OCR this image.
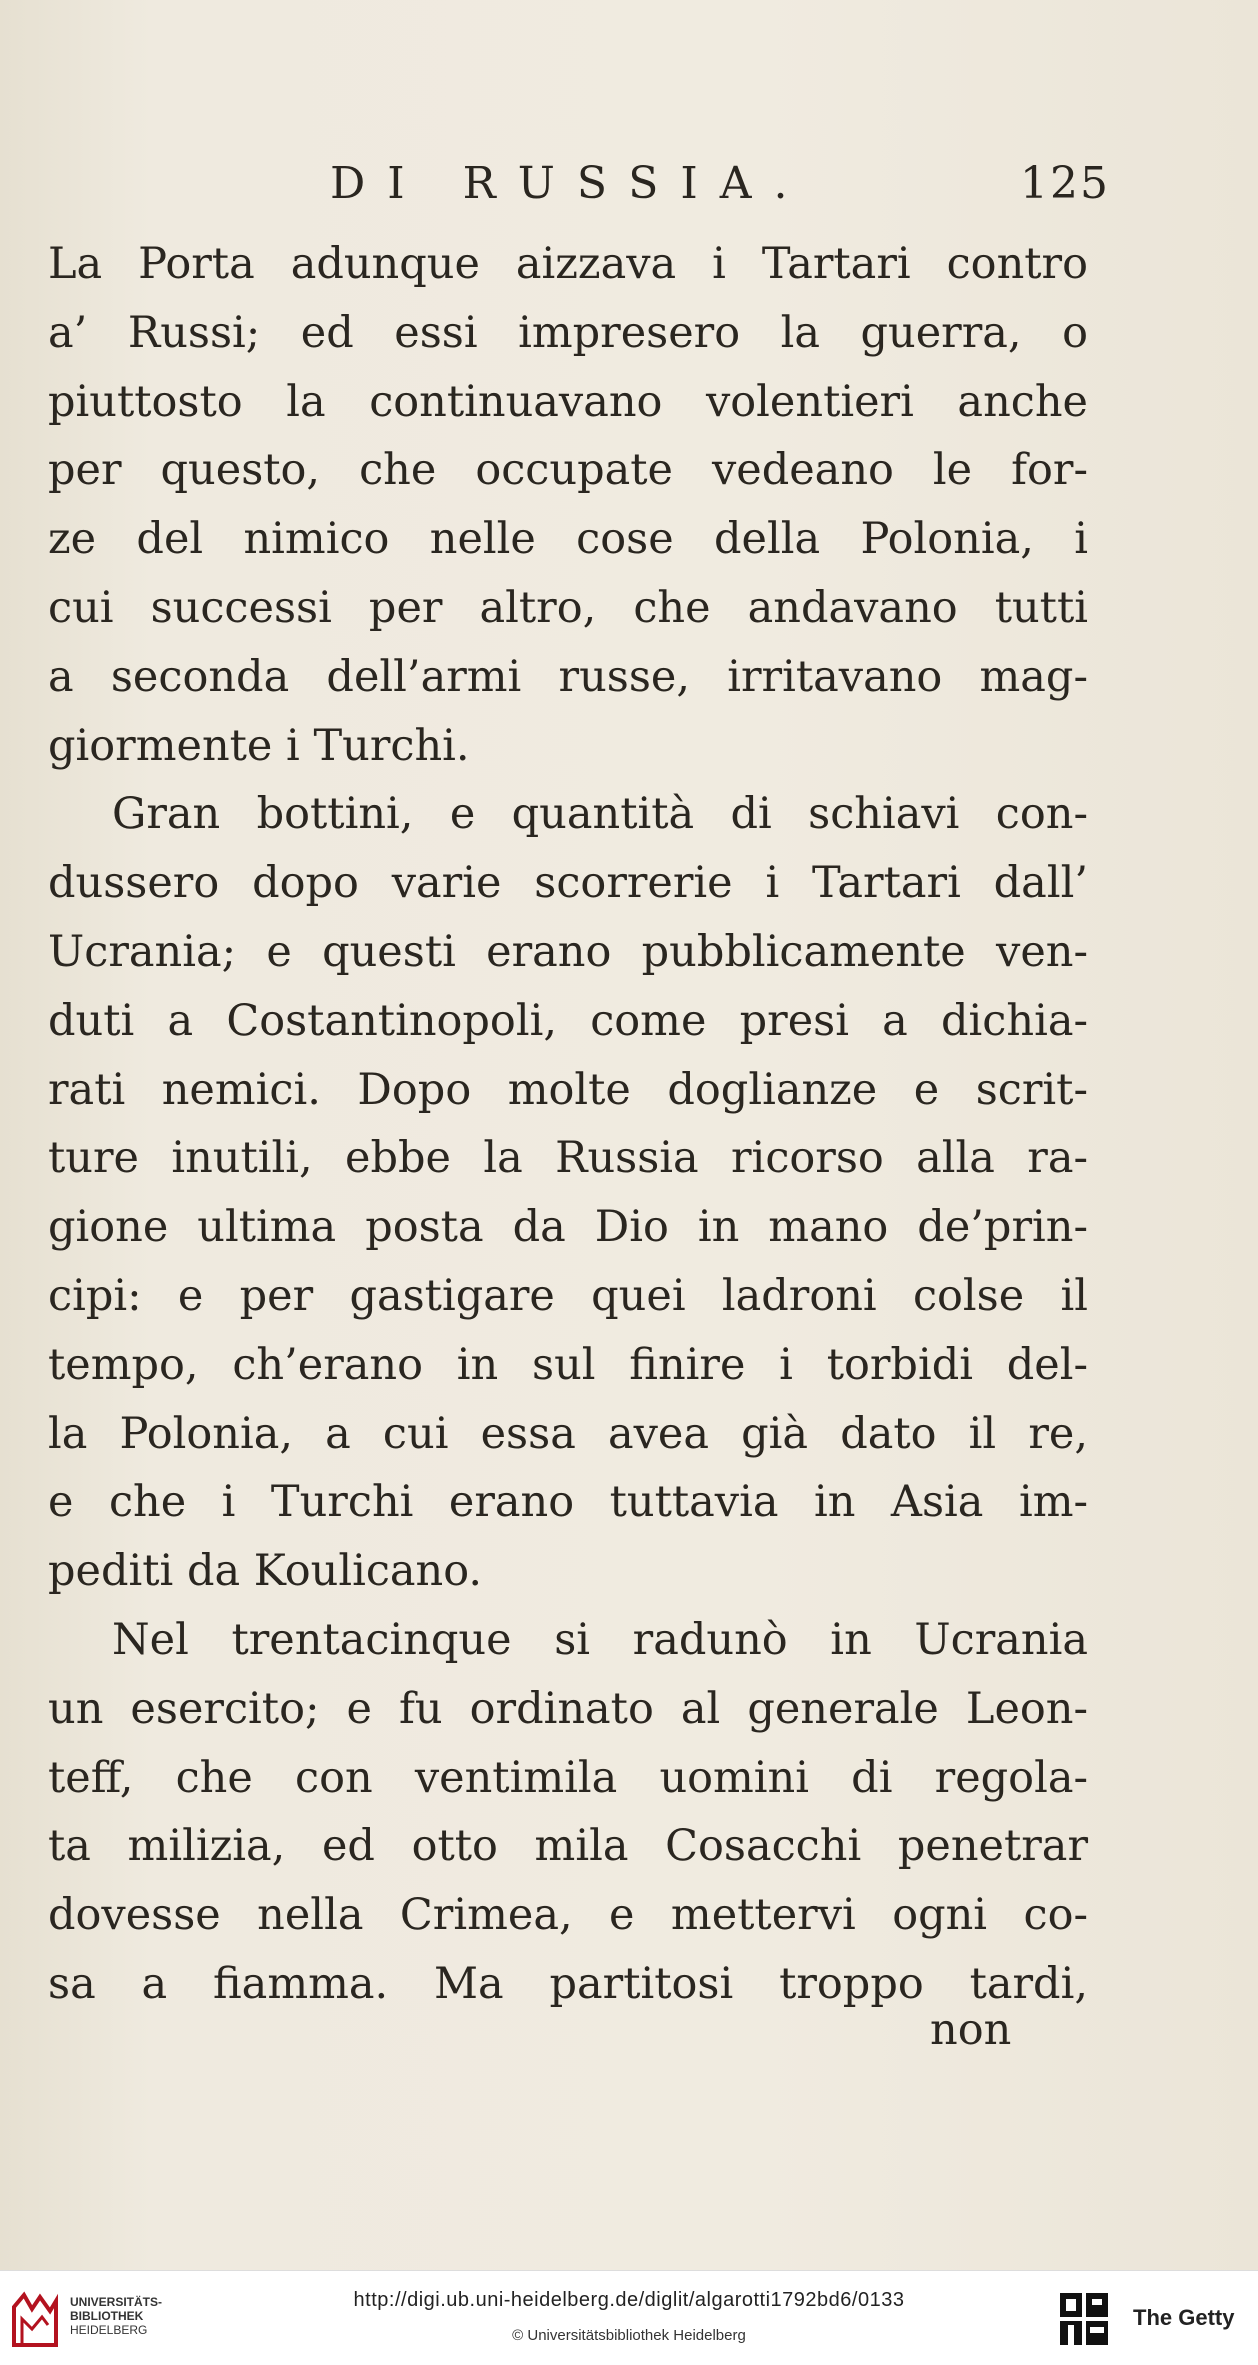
DI RUSSIA.	125
La Porta adunque aizzava i Tartari contro
a’ Russi; ed essi impresero la guerra, o
piuttosto la continuavano volentieri anche
per questo, che occupate vedeano le for-
ze del nimico nelle cose della Polonia, i
cui successi per altro, che andavano tutti
a seconda dell’armi russe, irritavano mag-
giormente i Turchi.
Gran bottini, e quantità di schiavi con-
dussero dopo varie scorrerie i Tartari dall’
Ucrania; e questi erano pubblicamente ven-
duti a Costantinopoli, come presi a dichia-
rati nemici. Dopo molte doglianze e scrit-
ture inutili, ebbe la Russia ricorso alla ra-
gione ultima posta da Dio in mano de’prin-
cipi: e per gastigare quei ladroni colse il
tempo, ch’erano in sul finire i torbidi del-
la Polonia, a cui essa avea già dato il re,
e che i Turchi erano tuttavia in Asia im-
pediti da Koulicano.
Nel trentacinque si radunò in Ucrania
un esercito; e fu ordinato al generale Leon-
teff, che con ventimila uomini di regola-
ta milizia, ed otto mila Cosacchi penetrar
dovesse nella Crimea, e mettervi ogni co-
sa a fiamma. Ma partitosi troppo tardi,
non
UNIVERSITÄTS-
BIBLIOTHEK
HEIDELBERG
http://digi.ub.uni-heidelberg.de/diglit/algarotti1792bd6/0133
© Universitätsbibliothek Heidelberg
The Getty
